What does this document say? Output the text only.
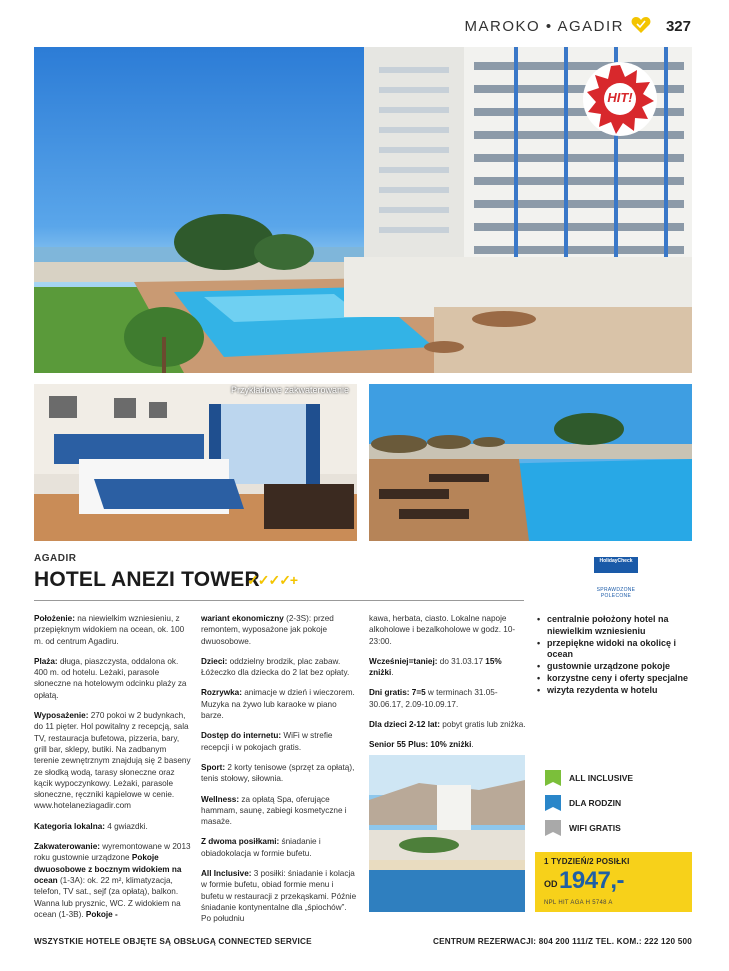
MAROKO • AGADIR	327
HIT!
Przykładowe zakwaterowanie
AGADIR
HOTEL ANEZI TOWER
✓✓✓✓+
HolidayCheck
SPRAWDZONE POLECONE

Położenie: na niewielkim wzniesieniu, z przepięknym widokiem na ocean, ok. 100 m. od centrum Agadiru.

Plaża: długa, piaszczysta, oddalona ok. 400 m. od hotelu. Leżaki, parasole słoneczne na hotelowym odcinku plaży za opłatą.

Wyposażenie: 270 pokoi w 2 budynkach, do 11 pięter. Hol powitalny z recepcją, sala TV, restauracja bufetowa, pizzeria, bary, grill bar, sklepy, butiki. Na zadbanym terenie zewnętrznym znajdują się 2 baseny ze słodką wodą, tarasy słoneczne oraz kącik wypoczynkowy. Leżaki, parasole słoneczne, ręczniki kąpielowe w cenie. www.hotelaneziagadir.com

Kategoria lokalna: 4 gwiazdki.

Zakwaterowanie: wyremontowane w 2013 roku gustownie urządzone Pokoje dwuosobowe z bocznym widokiem na ocean (1-3A): ok. 22 m², klimatyzacja, telefon, TV sat., sejf (za opłatą), balkon. Wanna lub prysznic, WC. Z widokiem na ocean (1-3B). Pokoje -

wariant ekonomiczny (2-3S): przed remontem, wyposażone jak pokoje dwuosobowe.

Dzieci: oddzielny brodzik, plac zabaw. Łóżeczko dla dziecka do 2 lat bez opłaty.

Rozrywka: animacje w dzień i wieczorem. Muzyka na żywo lub karaoke w piano barze.

Dostęp do internetu: WiFi w strefie recepcji i w pokojach gratis.

Sport: 2 korty tenisowe (sprzęt za opłatą), tenis stołowy, siłownia.

Wellness: za opłatą Spa, oferujące hammam, saunę, zabiegi kosmetyczne i masaże.

Z dwoma posiłkami: śniadanie i obiadokolacja w formie bufetu.

All Inclusive: 3 posiłki: śniadanie i kolacja w formie bufetu, obiad formie menu i bufetu w restauracji z przekąskami. Późnie śniadanie kontynentalne dla „śpiochów”. Po południu

kawa, herbata, ciasto. Lokalne napoje alkoholowe i bezalkoholowe w godz. 10-23:00.

Wcześniej=taniej: do 31.03.17 15% zniżki.

Dni gratis: 7=5 w terminach 31.05-30.06.17, 2.09-10.09.17.

Dla dzieci 2-12 lat: pobyt gratis lub zniżka.

Senior 55 Plus: 10% zniżki.

• centralnie położony hotel na niewielkim wzniesieniu
• przepiękne widoki na okolicę i ocean
• gustownie urządzone pokoje
• korzystne ceny i oferty specjalne
• wizyta rezydenta w hotelu
ALL INCLUSIVE
DLA RODZIN
WIFI GRATIS
1 TYDZIEŃ/2 POSIŁKI
OD 1947,-
NPL HIT AGA H 5748 A
WSZYSTKIE HOTELE OBJĘTE SĄ OBSŁUGĄ CONNECTED SERVICE	CENTRUM REZERWACJI: 804 200 111/Z TEL. KOM.: 222 120 500
